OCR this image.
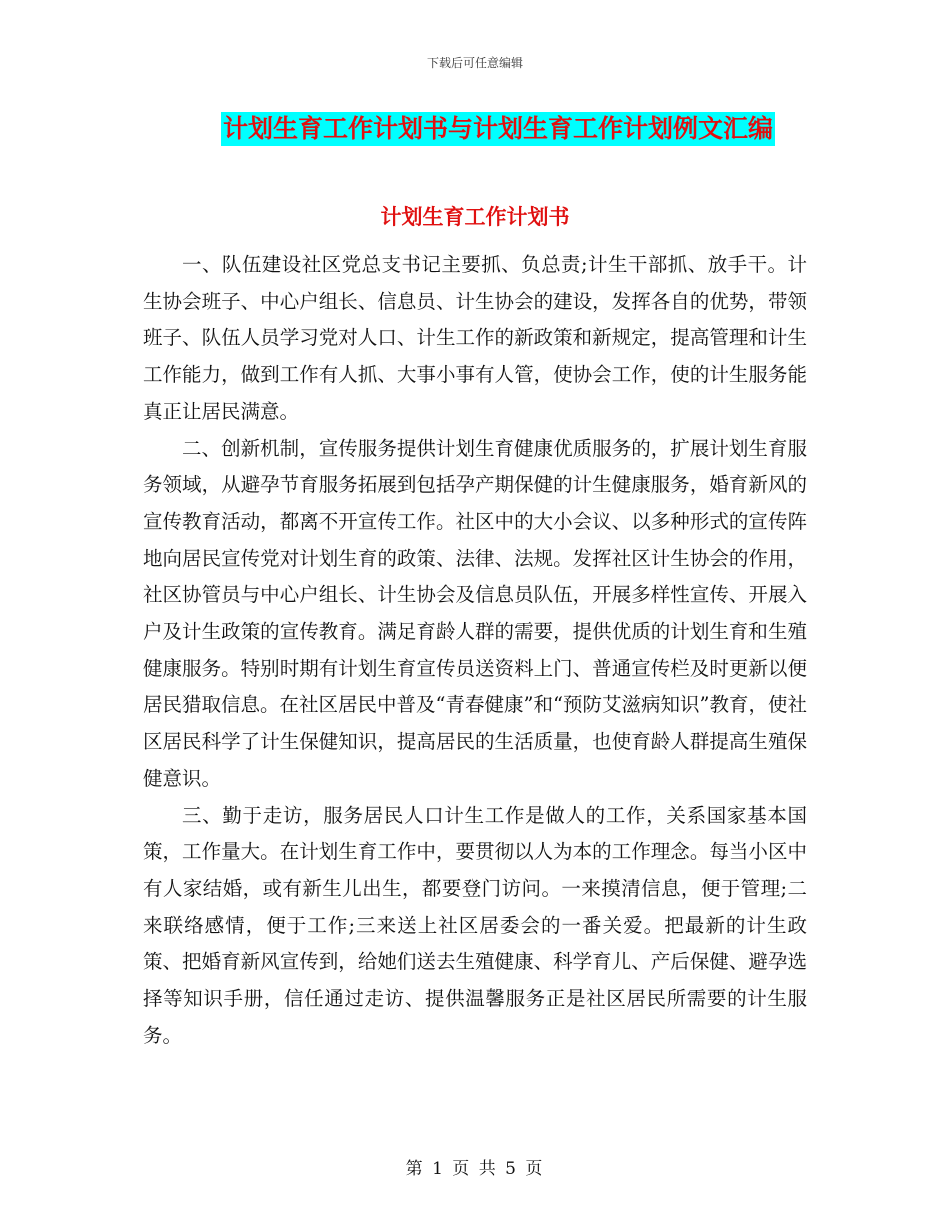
下载后可任意编辑
计划生育工作计划书与计划生育工作计划例文汇编
计划生育工作计划书

一、队伍建设社区党总支书记主要抓、负总责;计生干部抓、放手干。计生协会班子、中心户组长、信息员、计生协会的建设，发挥各自的优势，带领班子、队伍人员学习党对人口、计生工作的新政策和新规定，提高管理和计生工作能力，做到工作有人抓、大事小事有人管，使协会工作，使的计生服务能真正让居民满意。

二、创新机制，宣传服务提供计划生育健康优质服务的，扩展计划生育服务领域，从避孕节育服务拓展到包括孕产期保健的计生健康服务，婚育新风的宣传教育活动，都离不开宣传工作。社区中的大小会议、以多种形式的宣传阵地向居民宣传党对计划生育的政策、法律、法规。发挥社区计生协会的作用，社区协管员与中心户组长、计生协会及信息员队伍，开展多样性宣传、开展入户及计生政策的宣传教育。满足育龄人群的需要，提供优质的计划生育和生殖健康服务。特别时期有计划生育宣传员送资料上门、普通宣传栏及时更新以便居民猎取信息。在社区居民中普及“青春健康”和“预防艾滋病知识”教育，使社区居民科学了计生保健知识，提高居民的生活质量，也使育龄人群提高生殖保健意识。

三、勤于走访，服务居民人口计生工作是做人的工作，关系国家基本国策，工作量大。在计划生育工作中，要贯彻以人为本的工作理念。每当小区中有人家结婚，或有新生儿出生，都要登门访问。一来摸清信息，便于管理;二来联络感情，便于工作;三来送上社区居委会的一番关爱。把最新的计生政策、把婚育新风宣传到，给她们送去生殖健康、科学育儿、产后保健、避孕选择等知识手册，信任通过走访、提供温馨服务正是社区居民所需要的计生服务。

第 1 页 共 5 页
